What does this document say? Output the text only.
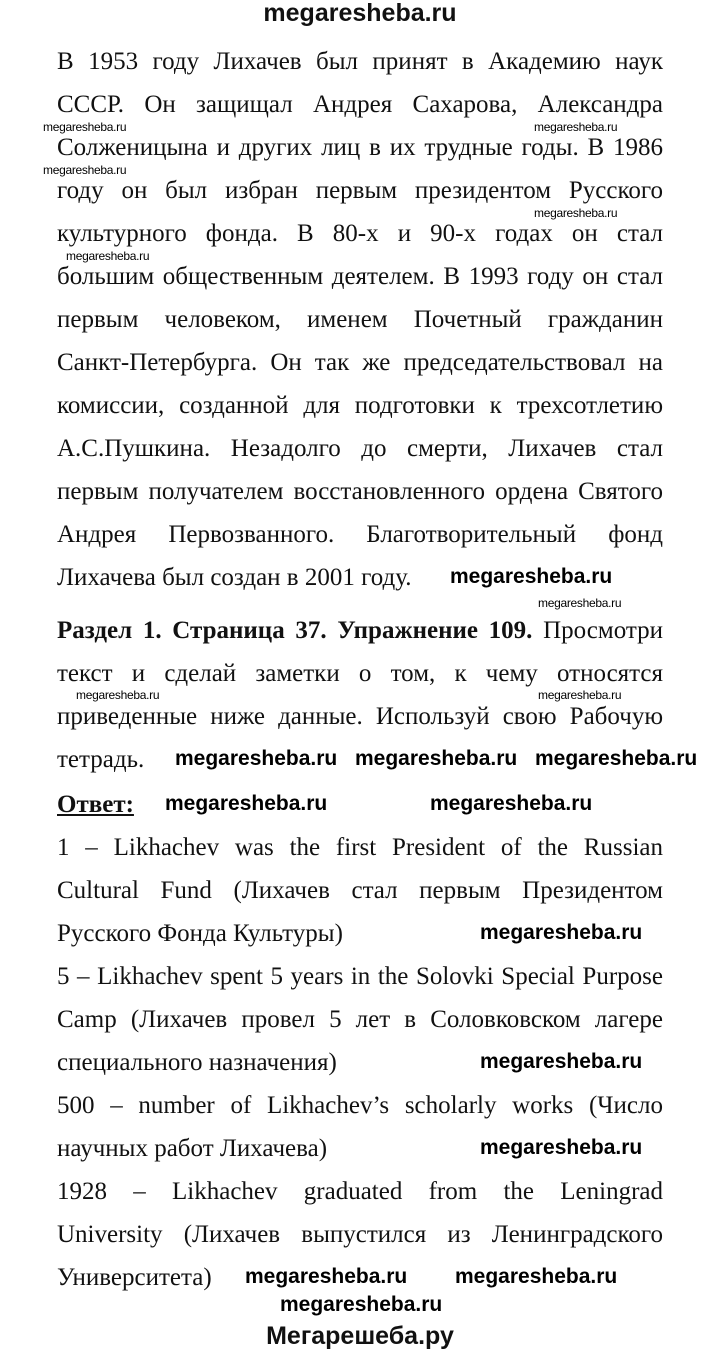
megaresheba.ru
В 1953 году Лихачев был принят в Академию наук
СССР. Он защищал Андрея Сахарова, Александра
Солженицына и других лиц в их трудные годы. В 1986
году он был избран первым президентом Русского
культурного фонда. В 80-х и 90-х годах он стал
большим общественным деятелем. В 1993 году он стал
первым человеком, именем Почетный гражданин
Санкт-Петербурга. Он так же председательствовал на
комиссии, созданной для подготовки к трехсотлетию
А.С.Пушкина. Незадолго до смерти, Лихачев стал
первым получателем восстановленного ордена Святого
Андрея Первозванного. Благотворительный фонд
Лихачева был создан в 2001 году.
Раздел 1. Страница 37. Упражнение 109. Просмотри
текст и сделай заметки о том, к чему относятся
приведенные ниже данные. Используй свою Рабочую
тетрадь.
Ответ:
1 – Likhachev was the first President of the Russian
Cultural Fund (Лихачев стал первым Президентом
Русского Фонда Культуры)
5 – Likhachev spent 5 years in the Solovki Special Purpose
Camp (Лихачев провел 5 лет в Соловковском лагере
специального назначения)
500 – number of Likhachev’s scholarly works (Число
научных работ Лихачева)
1928 – Likhachev graduated from the Leningrad
University (Лихачев выпустился из Ленинградского
Университета)
megaresheba.ru	megaresheba.ru
megaresheba.ru
megaresheba.ru
megaresheba.ru
megaresheba.ru
megaresheba.ru	megaresheba.ru
megaresheba.ru
megaresheba.ru megaresheba.ru megaresheba.ru
megaresheba.ru	megaresheba.ru
megaresheba.ru
megaresheba.ru
megaresheba.ru
megaresheba.ru megaresheba.ru
megaresheba.ru
Мегарешеба.ру
